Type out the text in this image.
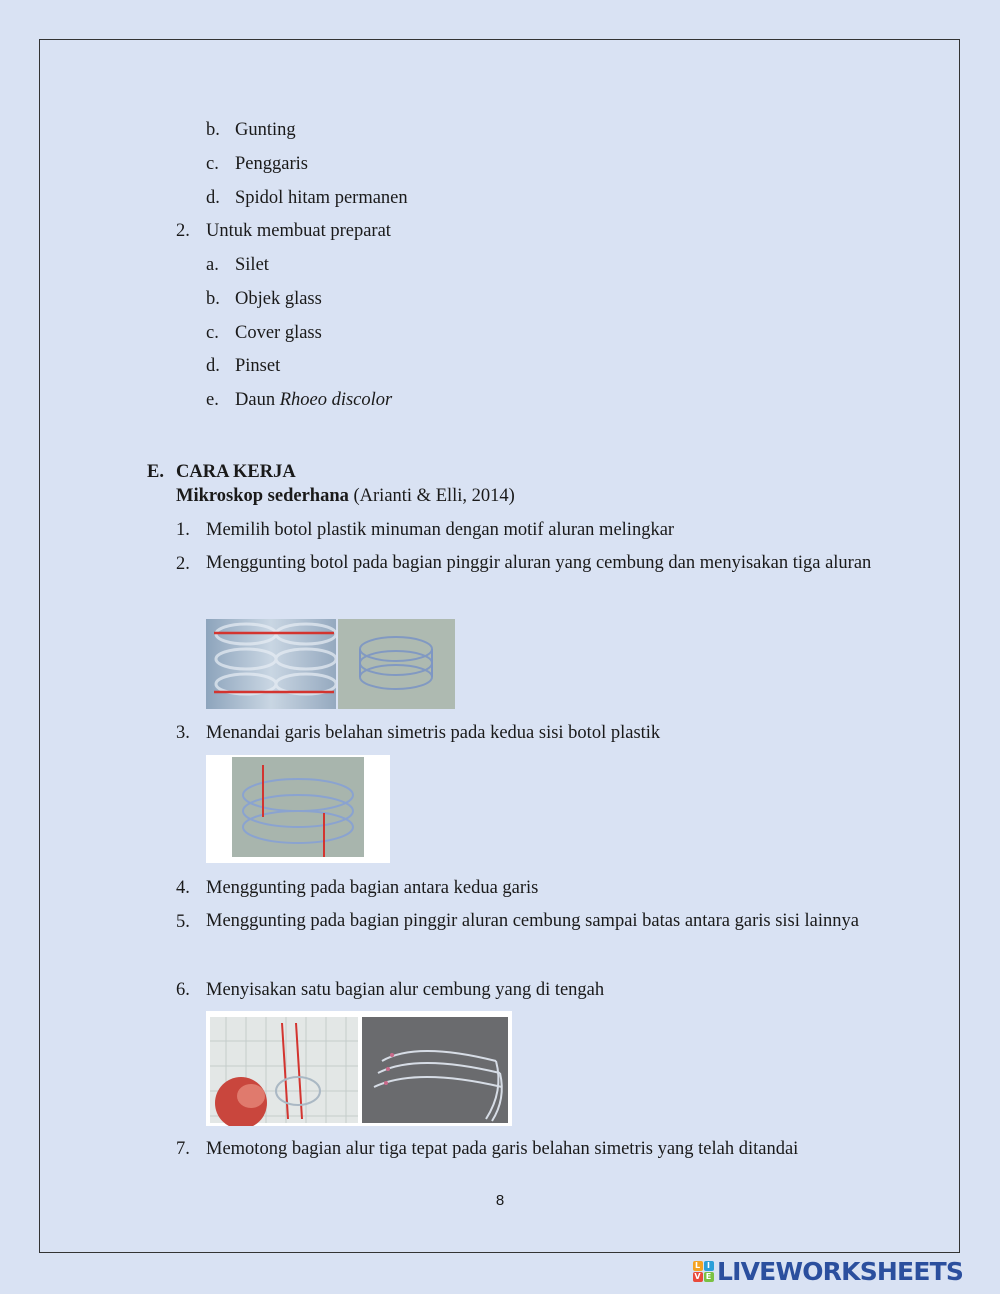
b. Gunting
c. Penggaris
d. Spidol hitam permanen
2. Untuk membuat preparat
a. Silet
b. Objek glass
c. Cover glass
d. Pinset
e. Daun Rhoeo discolor
E. CARA KERJA
Mikroskop sederhana (Arianti & Elli, 2014)
1. Memilih botol plastik minuman dengan motif aluran melingkar
2. Menggunting botol pada bagian pinggir aluran yang cembung dan menyisakan tiga aluran
3. Menandai garis belahan simetris pada kedua sisi botol plastik
4. Menggunting pada bagian antara kedua garis
5. Menggunting pada bagian pinggir aluran cembung sampai batas antara garis sisi lainnya
6. Menyisakan satu bagian alur cembung yang di tengah
7. Memotong bagian alur tiga tepat pada garis belahan simetris yang telah ditandai
8
L I
V E LIVEWORKSHEETS
